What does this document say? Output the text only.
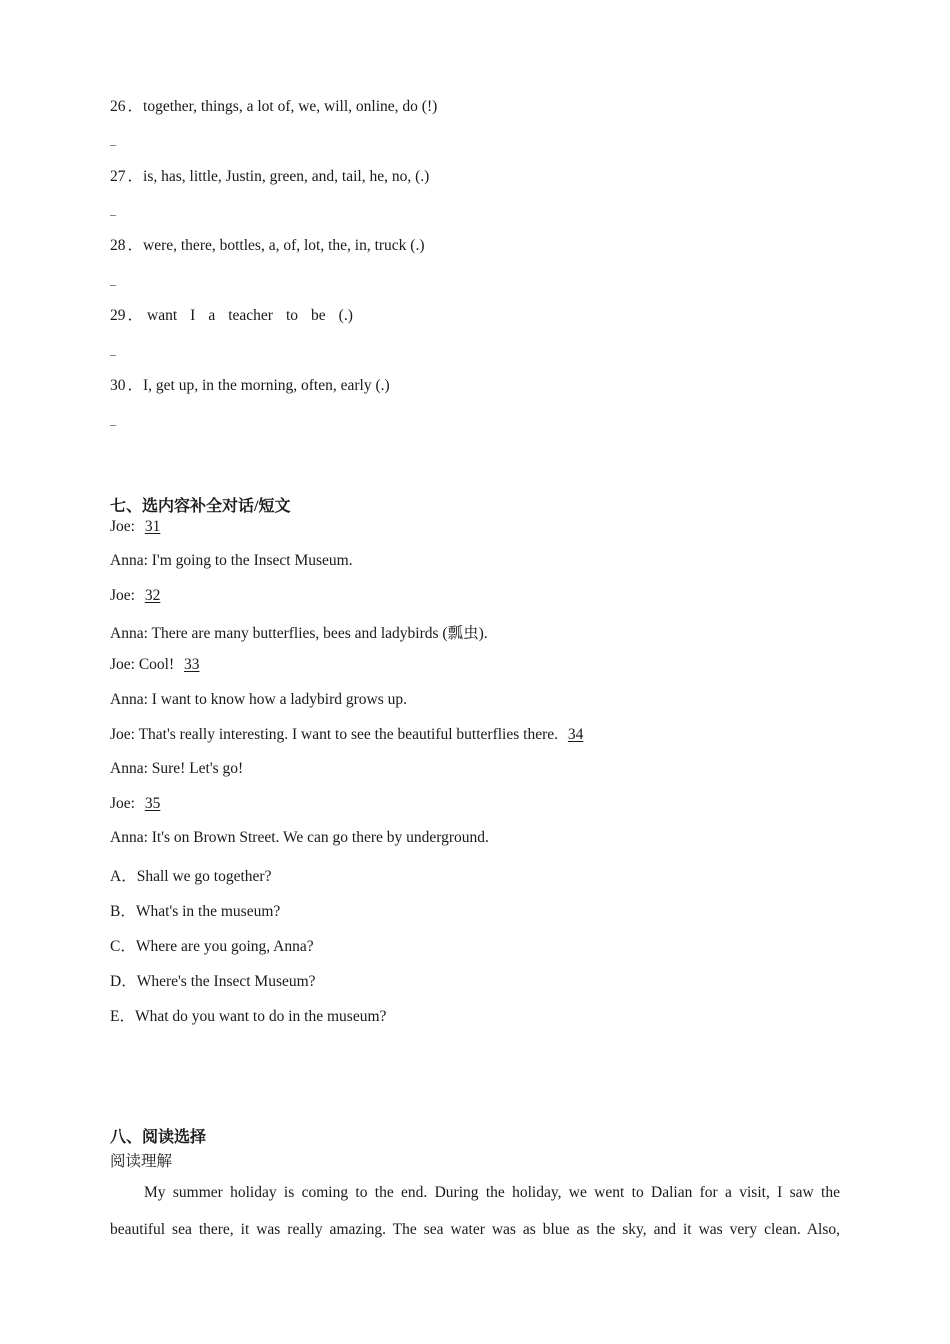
26 ．together, things, a lot of, we, will, online, do (!)
_
27 ．is, has, little, Justin, green, and, tail, he, no, (.)
_
28 ．were, there, bottles, a, of, lot, the, in, truck (.)
_
29 ． want I a teacher to be (.)
_
30 ．I, get up, in the morning, often, early (.)
_
七、选内容补全对话/短文
Joe: 31
Anna: I'm going to the Insect Museum.
Joe: 32
Anna: There are many butterflies, bees and ladybirds (瓢虫).
Joe: Cool! 33
Anna: I want to know how a ladybird grows up.
Joe: That's really interesting. I want to see the beautiful butterflies there. 34
Anna: Sure! Let's go!
Joe: 35
Anna: It's on Brown Street. We can go there by underground.
A．Shall we go together?
B．What's in the museum?
C．Where are you going, Anna?
D．Where's the Insect Museum?
E．What do you want to do in the museum?
八、阅读选择
阅读理解
My summer holiday is coming to the end. During the holiday, we went to Dalian for a visit, I saw the
beautiful sea there, it was really amazing. The sea water was as blue as the sky, and it was very clean. Also,
